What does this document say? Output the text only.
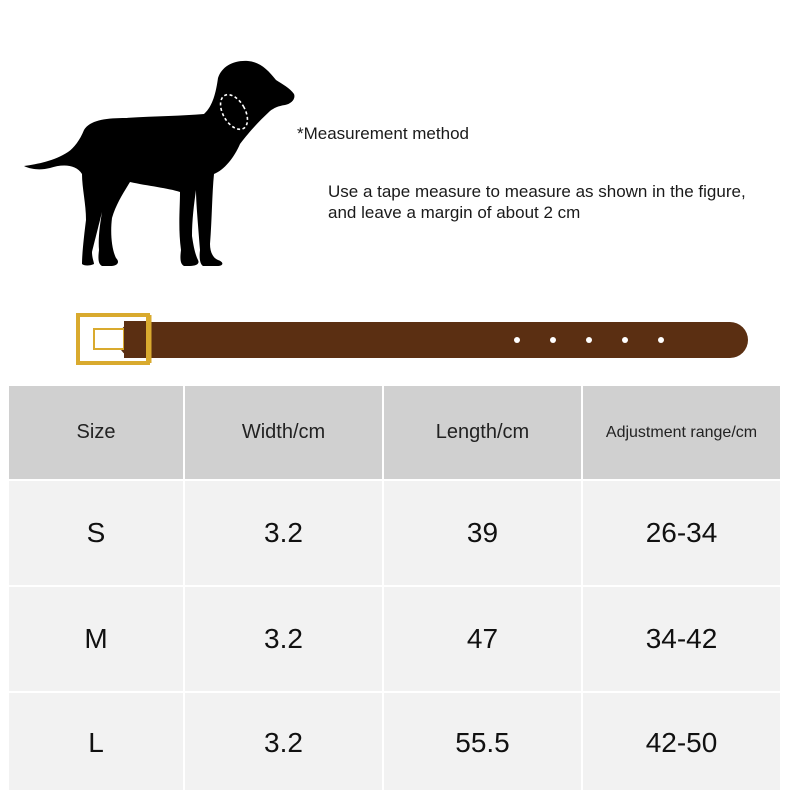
*Measurement method
Use a tape measure to measure as shown in the figure, and leave a margin of about 2 cm
Size	Width/cm	Length/cm	Adjustment range/cm
S	3.2	39	26-34
M	3.2	47	34-42
L	3.2	55.5	42-50
